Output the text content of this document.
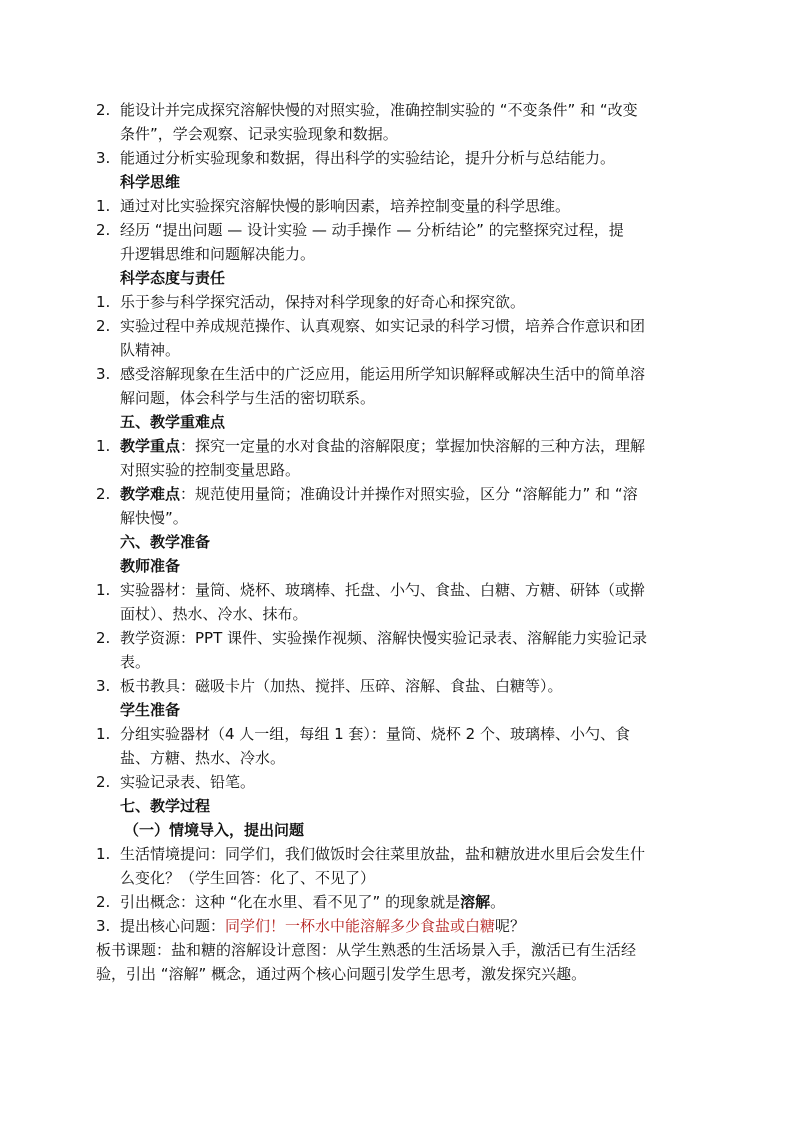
2. 能设计并完成探究溶解快慢的对照实验，准确控制实验的 “不变条件” 和 “改变
条件”，学会观察、记录实验现象和数据。
3. 能通过分析实验现象和数据，得出科学的实验结论，提升分析与总结能力。
科学思维
1. 通过对比实验探究溶解快慢的影响因素，培养控制变量的科学思维。
2. 经历 “提出问题 — 设计实验 — 动手操作 — 分析结论” 的完整探究过程，提
升逻辑思维和问题解决能力。
科学态度与责任
1. 乐于参与科学探究活动，保持对科学现象的好奇心和探究欲。
2. 实验过程中养成规范操作、认真观察、如实记录的科学习惯，培养合作意识和团
队精神。
3. 感受溶解现象在生活中的广泛应用，能运用所学知识解释或解决生活中的简单溶
解问题，体会科学与生活的密切联系。
五、教学重难点
1. 教学重点：探究一定量的水对食盐的溶解限度；掌握加快溶解的三种方法，理解
对照实验的控制变量思路。
2. 教学难点：规范使用量筒；准确设计并操作对照实验，区分 “溶解能力” 和 “溶
解快慢”。
六、教学准备
教师准备
1. 实验器材：量筒、烧杯、玻璃棒、托盘、小勺、食盐、白糖、方糖、研钵（或擀
面杖）、热水、冷水、抹布。
2. 教学资源：PPT 课件、实验操作视频、溶解快慢实验记录表、溶解能力实验记录
表。
3. 板书教具：磁吸卡片（加热、搅拌、压碎、溶解、食盐、白糖等）。
学生准备
1. 分组实验器材（4 人一组，每组 1 套）：量筒、烧杯 2 个、玻璃棒、小勺、食
盐、方糖、热水、冷水。
2. 实验记录表、铅笔。
七、教学过程
（一）情境导入，提出问题
1. 生活情境提问：同学们，我们做饭时会往菜里放盐，盐和糖放进水里后会发生什
么变化？（学生回答：化了、不见了）
2. 引出概念：这种 “化在水里、看不见了” 的现象就是溶解。
3. 提出核心问题：同学们！一杯水中能溶解多少食盐或白糖呢？
板书课题：盐和糖的溶解设计意图：从学生熟悉的生活场景入手，激活已有生活经
验，引出 “溶解” 概念，通过两个核心问题引发学生思考，激发探究兴趣。
